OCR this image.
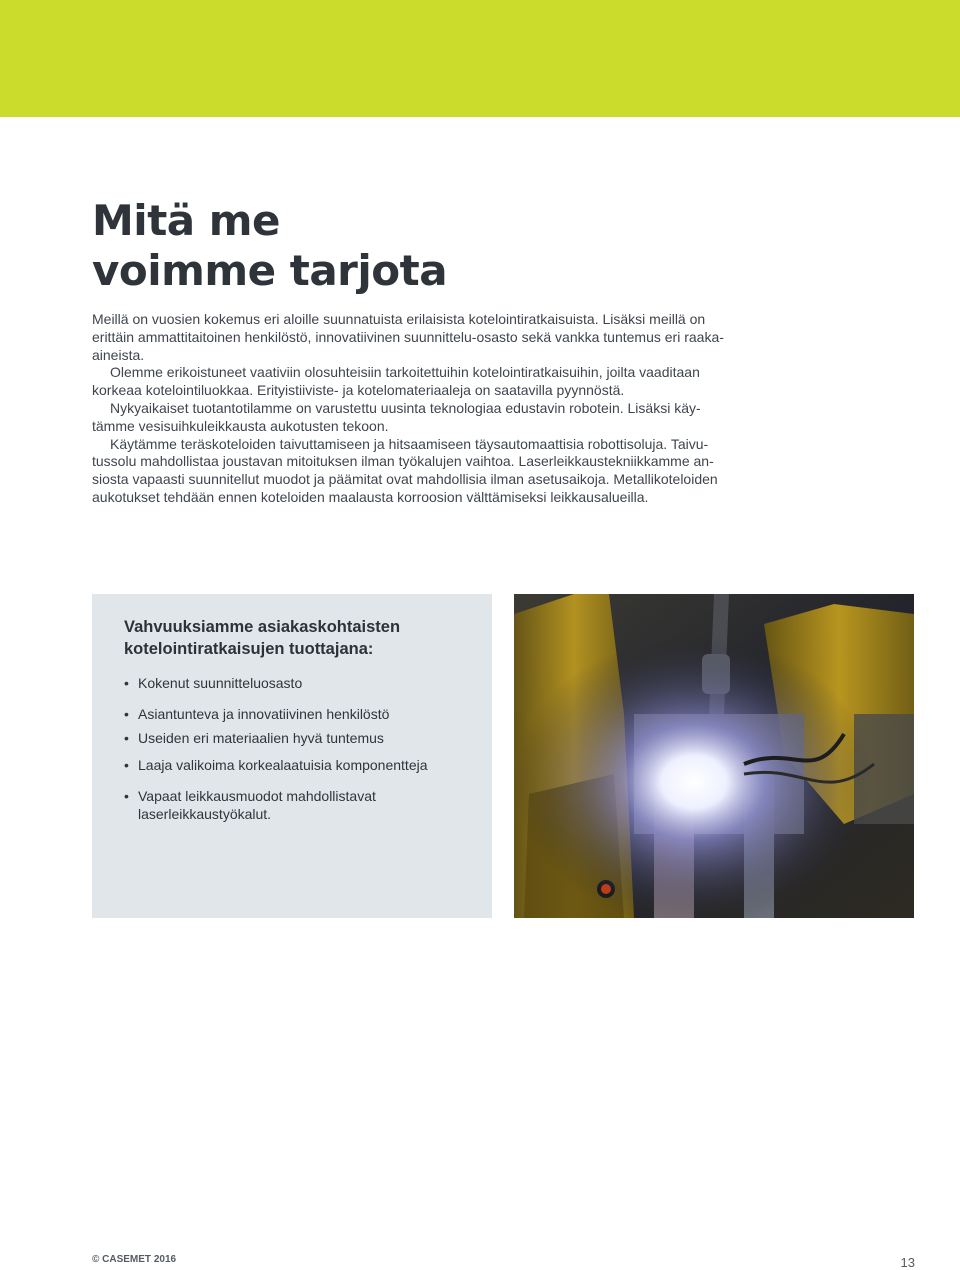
Mitä me
voimme tarjota

Meillä on vuosien kokemus eri aloille suunnatuista erilaisista kotelointiratkaisuista. Lisäksi meillä on
erittäin ammattitaitoinen henkilöstö, innovatiivinen suunnittelu-osasto sekä vankka tuntemus eri raaka-
aineista.

Olemme erikoistuneet vaativiin olosuhteisiin tarkoitettuihin kotelointiratkaisuihin, joilta vaaditaan
korkeaa kotelointiluokkaa. Erityistiiviste- ja kotelomateriaaleja on saatavilla pyynnöstä.

Nykyaikaiset tuotantotilamme on varustettu uusinta teknologiaa edustavin robotein. Lisäksi käy-
tämme vesisuihkuleikkausta aukotusten tekoon.

Käytämme teräskoteloiden taivuttamiseen ja hitsaamiseen täysautomaattisia robottisoluja. Taivu-
tussolu mahdollistaa joustavan mitoituksen ilman työkalujen vaihtoa. Laserleikkaustekniikkamme an-
siosta vapaasti suunnitellut muodot ja päämitat ovat mahdollisia ilman asetusaikoja. Metallikoteloiden
aukotukset tehdään ennen koteloiden maalausta korroosion välttämiseksi leikkausalueilla.

Vahvuuksiamme asiakaskohtaisten
kotelointiratkaisujen tuottajana:
• Kokenut suunnitteluosasto
• Asiantunteva ja innovatiivinen henkilöstö
• Useiden eri materiaalien hyvä tuntemus
• Laaja valikoima korkealaatuisia komponentteja
• Vapaat leikkausmuodot mahdollistavat
laserleikkaustyökalut.
© CASEMET 2016	13
